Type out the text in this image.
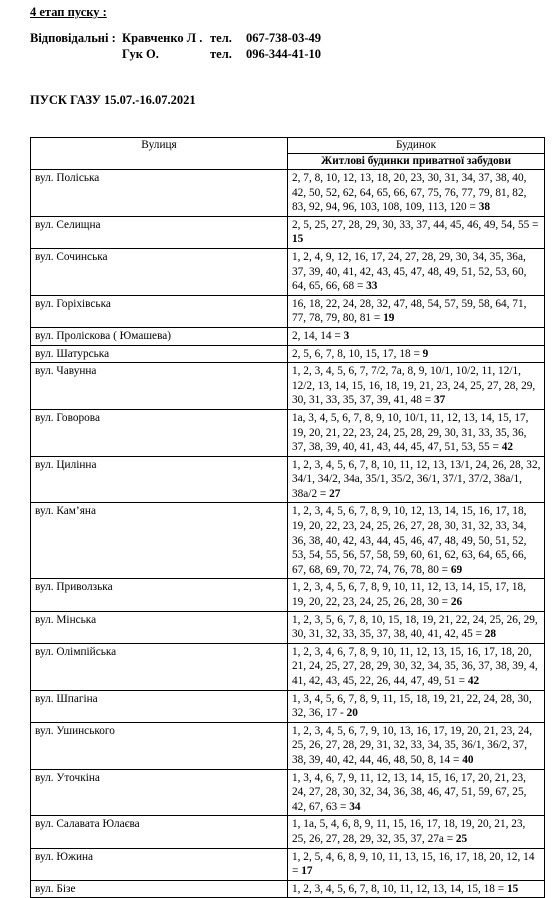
4 етап пуску :
Відповідальні : Кравченко Л . тел. 067-738-03-49
Гук О.	тел. 096-344-41-10
ПУСК ГАЗУ 15.07.-16.07.2021
Вулиця	Будинок
	Житлові будинки приватної забудови
вул. Поліська	2, 7, 8, 10, 12, 13, 18, 20, 23, 30, 31, 34, 37, 38, 40, 42, 50, 52, 62, 64, 65, 66, 67, 75, 76, 77, 79, 81, 82, 83, 92, 94, 96, 103, 108, 109, 113, 120 = 38
вул. Селищна	2, 5, 25, 27, 28, 29, 30, 33, 37, 44, 45, 46, 49, 54, 55 = 15
вул. Сочинська	1, 2, 4, 9, 12, 16, 17, 24, 27, 28, 29, 30, 34, 35, 36а, 37, 39, 40, 41, 42, 43, 45, 47, 48, 49, 51, 52, 53, 60, 64, 65, 66, 68 = 33
вул. Горіхівська	16, 18, 22, 24, 28, 32, 47, 48, 54, 57, 59, 58, 64, 71, 77, 78, 79, 80, 81 = 19
вул. Пролiскова ( Юмашева)	2, 14, 14 = 3
вул. Шатурська	2, 5, 6, 7, 8, 10, 15, 17, 18 = 9
вул. Чавунна	1, 2, 3, 4, 5, 6, 7, 7/2, 7а, 8, 9, 10/1, 10/2, 11, 12/1, 12/2, 13, 14, 15, 16, 18, 19, 21, 23, 24, 25, 27, 28, 29, 30, 31, 33, 35, 37, 39, 41, 48 = 37
вул. Говорова	1а, 3, 4, 5, 6, 7, 8, 9, 10, 10/1, 11, 12, 13, 14, 15, 17, 19, 20, 21, 22, 23, 24, 25, 28, 29, 30, 31, 33, 35, 36, 37, 38, 39, 40, 41, 43, 44, 45, 47, 51, 53, 55 = 42
вул. Цилінна	1, 2, 3, 4, 5, 6, 7, 8, 10, 11, 12, 13, 13/1, 24, 26, 28, 32, 34/1, 34/2, 34а, 35/1, 35/2, 36/1, 37/1, 37/2, 38а/1, 38а/2 = 27
вул. Кам’яна	1, 2, 3, 4, 5, 6, 7, 8, 9, 10, 12, 13, 14, 15, 16, 17, 18, 19, 20, 22, 23, 24, 25, 26, 27, 28, 30, 31, 32, 33, 34, 36, 38, 40, 42, 43, 44, 45, 46, 47, 48, 49, 50, 51, 52, 53, 54, 55, 56, 57, 58, 59, 60, 61, 62, 63, 64, 65, 66, 67, 68, 69, 70, 72, 74, 76, 78, 80 = 69
вул. Приволзька	1, 2, 3, 4, 5, 6, 7, 8, 9, 10, 11, 12, 13, 14, 15, 17, 18, 19, 20, 22, 23, 24, 25, 26, 28, 30 = 26
вул. Мінська	1, 2, 3, 5, 6, 7, 8, 10, 15, 18, 19, 21, 22, 24, 25, 26, 29, 30, 31, 32, 33, 35, 37, 38, 40, 41, 42, 45 = 28
вул. Олімпійська	1, 2, 3, 4, 6, 7, 8, 9, 10, 11, 12, 13, 15, 16, 17, 18, 20, 21, 24, 25, 27, 28, 29, 30, 32, 34, 35, 36, 37, 38, 39, 4, 41, 42, 43, 45, 22, 26, 44, 47, 49, 51 = 42
вул. Шпагіна	1, 3, 4, 5, 6, 7, 8, 9, 11, 15, 18, 19, 21, 22, 24, 28, 30, 32, 36, 17 - 20
вул. Ушинського	1, 2, 3, 4, 5, 6, 7, 9, 10, 13, 16, 17, 19, 20, 21, 23, 24, 25, 26, 27, 28, 29, 31, 32, 33, 34, 35, 36/1, 36/2, 37, 38, 39, 40, 42, 44, 46, 48, 50, 8, 14 = 40
вул. Уточкіна	1, 3, 4, 6, 7, 9, 11, 12, 13, 14, 15, 16, 17, 20, 21, 23, 24, 27, 28, 30, 32, 34, 36, 38, 46, 47, 51, 59, 67, 25, 42, 67, 63 = 34
вул. Салавата Юлаєва	1, 1а, 5, 4, 6, 8, 9, 11, 15, 16, 17, 18, 19, 20, 21, 23, 25, 26, 27, 28, 29, 32, 35, 37, 27а = 25
вул. Южина	1, 2, 5, 4, 6, 8, 9, 10, 11, 13, 15, 16, 17, 18, 20, 12, 14 = 17
вул. Бізе	1, 2, 3, 4, 5, 6, 7, 8, 10, 11, 12, 13, 14, 15, 18 = 15
